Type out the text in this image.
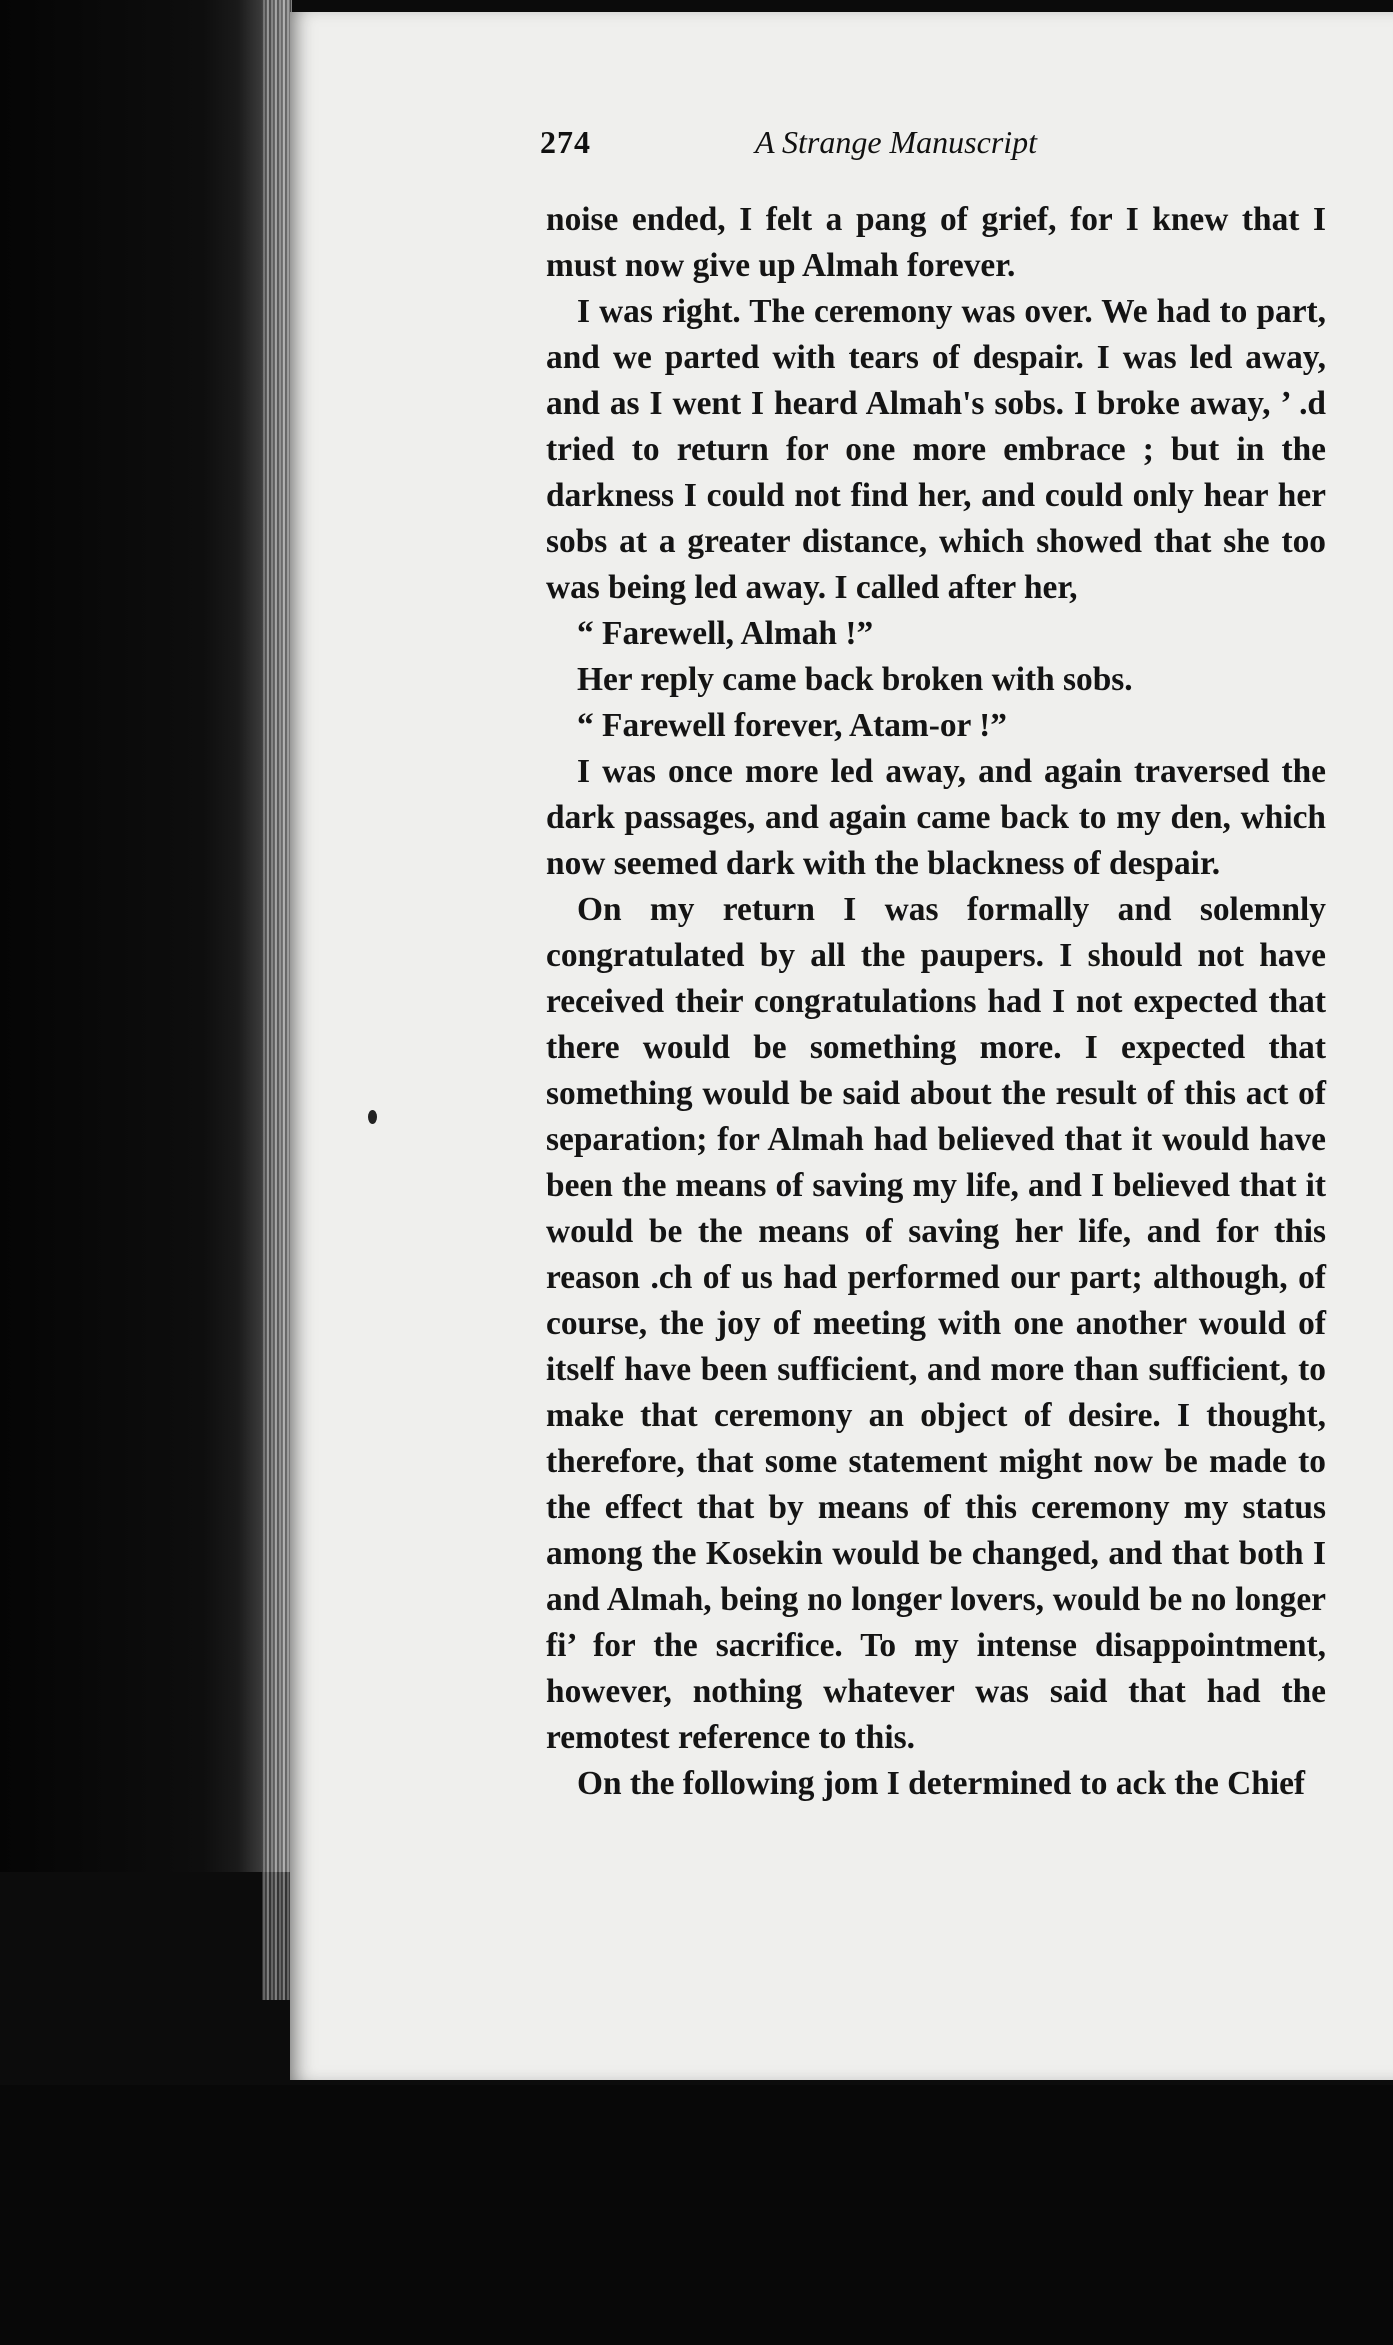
274	A Strange Manuscript

noise ended, I felt a pang of grief, for I knew that I must now give up Almah forever.

I was right. The ceremony was over. We had to part, and we parted with tears of despair. I was led away, and as I went I heard Almah's sobs. I broke away, ’ .d tried to return for one more embrace ; but in the darkness I could not find her, and could only hear her sobs at a greater distance, which showed that she too was being led away. I called after her,

“ Farewell, Almah !”

Her reply came back broken with sobs.

“ Farewell forever, Atam-or !”

I was once more led away, and again traversed the dark passages, and again came back to my den, which now seemed dark with the blackness of despair.

On my return I was formally and solemnly congratulated by all the paupers. I should not have received their congratulations had I not expected that there would be something more. I expected that something would be said about the result of this act of separation; for Almah had believed that it would have been the means of saving my life, and I believed that it would be the means of saving her life, and for this reason .ch of us had performed our part; although, of course, the joy of meeting with one another would of itself have been sufficient, and more than sufficient, to make that ceremony an object of desire. I thought, therefore, that some statement might now be made to the effect that by means of this ceremony my status among the Kosekin would be changed, and that both I and Almah, being no longer lovers, would be no longer fi’ for the sacrifice. To my intense disappointment, however, nothing whatever was said that had the remotest reference to this.

On the following jom I determined to ack the Chief
